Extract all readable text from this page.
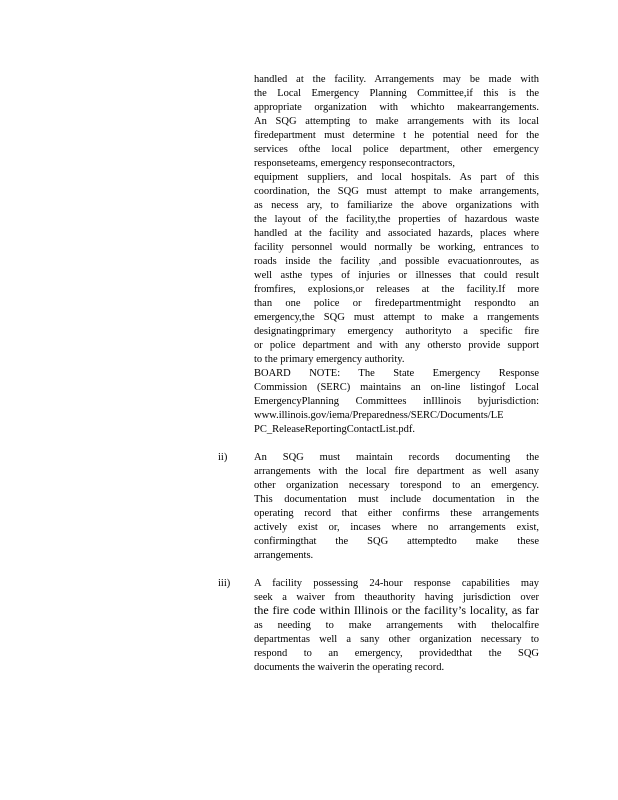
handled at the facility. Arrangements may be made with
the Local Emergency Planning Committee,if this is the
appropriate organization with whichto makearrangements.
An SQG attempting to make arrangements with its local
firedepartment must determine t he potential need for the
services ofthe local police department, other emergency
responseteams, emergency responsecontractors,
equipment suppliers, and local hospitals. As part of this
coordination, the SQG must attempt to make arrangements,
as necess ary, to familiarize the above organizations with
the layout of the facility,the properties of hazardous waste
handled at the facility and associated hazards, places where
facility personnel would normally be working, entrances to
roads inside the facility ,and possible evacuationroutes, as
well asthe types of injuries or illnesses that could result
fromfires, explosions,or releases at the facility.If more
than one police or firedepartmentmight respondto an
emergency,the SQG must attempt to make a rrangements
designatingprimary emergency authorityto a specific fire
or police department and with any othersto provide support
to the primary emergency authority.
BOARD NOTE: The State Emergency Response
Commission (SERC) maintains an on-line listingof Local
EmergencyPlanning Committees inIllinois byjurisdiction:
www.illinois.gov/iema/Preparedness/SERC/Documents/LE
PC_ReleaseReportingContactList.pdf.
ii)	An SQG must maintain records documenting the
arrangements with the local fire department as well asany
other organization necessary torespond to an emergency.
This documentation must include documentation in the
operating record that either confirms these arrangements
actively exist or, incases where no arrangements exist,
confirmingthat the SQG attemptedto make these
arrangements.
iii) A facility possessing 24-hour response capabilities may
seek a waiver from theauthority having jurisdiction over
the fire code within Illinois or the facility’s locality, as far
as needing to make arrangements with thelocalfire
departmentas well a sany other organization necessary to
respond to an emergency, providedthat the SQG
documents the waiverin the operating record.
